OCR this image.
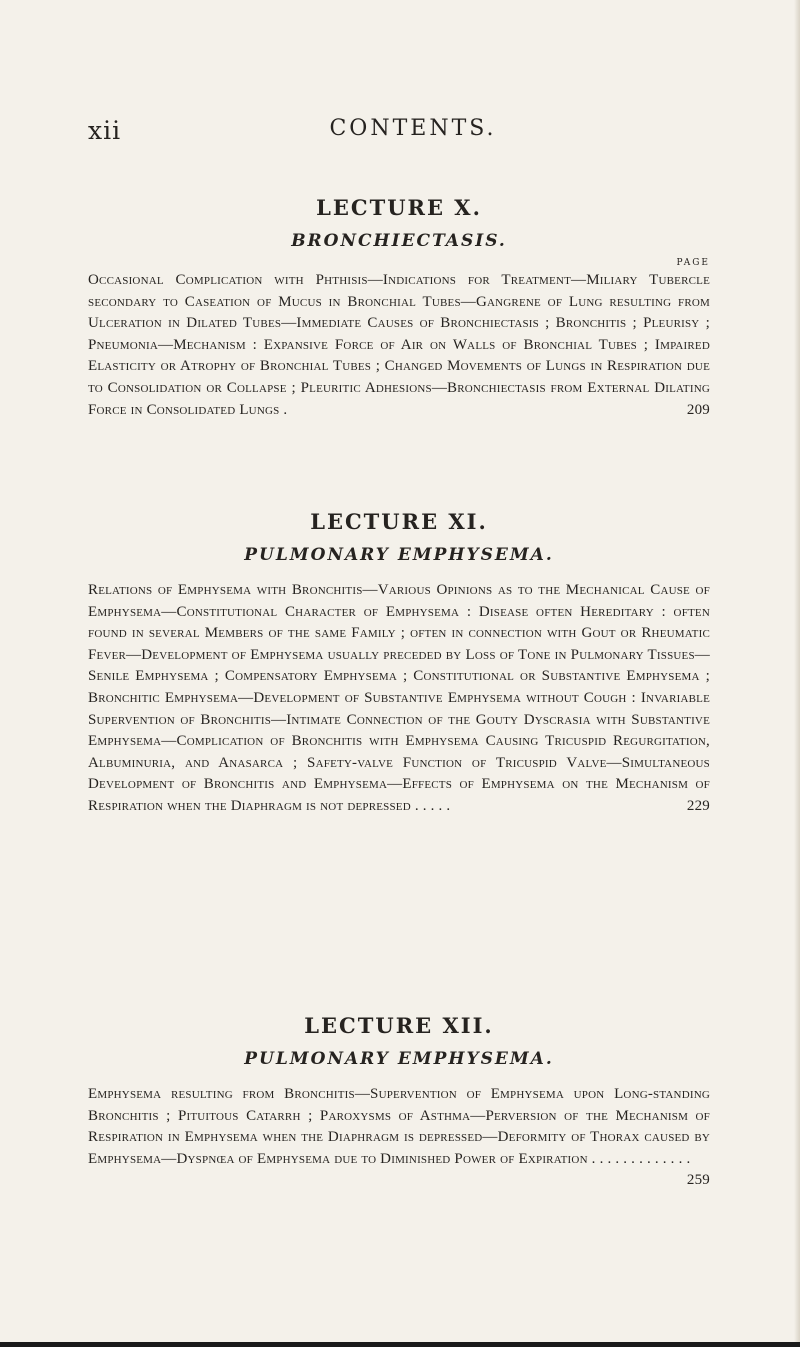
xii	CONTENTS.
LECTURE X.
BRONCHIECTASIS.

PAGE

Occasional Complication with Phthisis—Indications for Treatment—Miliary Tubercle secondary to Caseation of Mucus in Bronchial Tubes—Gangrene of Lung resulting from Ulceration in Dilated Tubes—Immediate Causes of Bronchiectasis ; Bronchitis ; Pleurisy ; Pneumonia—Mechanism : Expansive Force of Air on Walls of Bronchial Tubes ; Impaired Elasticity or Atrophy of Bronchial Tubes ; Changed Movements of Lungs in Respiration due to Consolidation or Collapse ; Pleuritic Adhesions—Bronchiectasis from External Dilating Force in Consolidated Lungs .	209

LECTURE XI.
PULMONARY EMPHYSEMA.

Relations of Emphysema with Bronchitis—Various Opinions as to the Mechanical Cause of Emphysema—Constitutional Character of Emphysema : Disease often Hereditary : often found in several Members of the same Family ; often in connection with Gout or Rheumatic Fever—Development of Emphysema usually preceded by Loss of Tone in Pulmonary Tissues—Senile Emphysema ; Compensatory Emphysema ; Constitutional or Substantive Emphysema ; Bronchitic Emphysema—Development of Substantive Emphysema without Cough : Invariable Supervention of Bronchitis—Intimate Connection of the Gouty Dyscrasia with Substantive Emphysema—Complication of Bronchitis with Emphysema Causing Tricuspid Regurgitation, Albuminuria, and Anasarca ; Safety-valve Function of Tricuspid Valve—Simultaneous Development of Bronchitis and Emphysema—Effects of Emphysema on the Mechanism of Respiration when the Diaphragm is not depressed . . . . .	229

LECTURE XII.
PULMONARY EMPHYSEMA.

Emphysema resulting from Bronchitis—Supervention of Emphysema upon Long-standing Bronchitis ; Pituitous Catarrh ; Paroxysms of Asthma—Perversion of the Mechanism of Respiration in Emphysema when the Diaphragm is depressed—Deformity of Thorax caused by Emphysema—Dyspnœa of Emphysema due to Diminished Power of Expiration . . . . . . . . . . . . .
259
